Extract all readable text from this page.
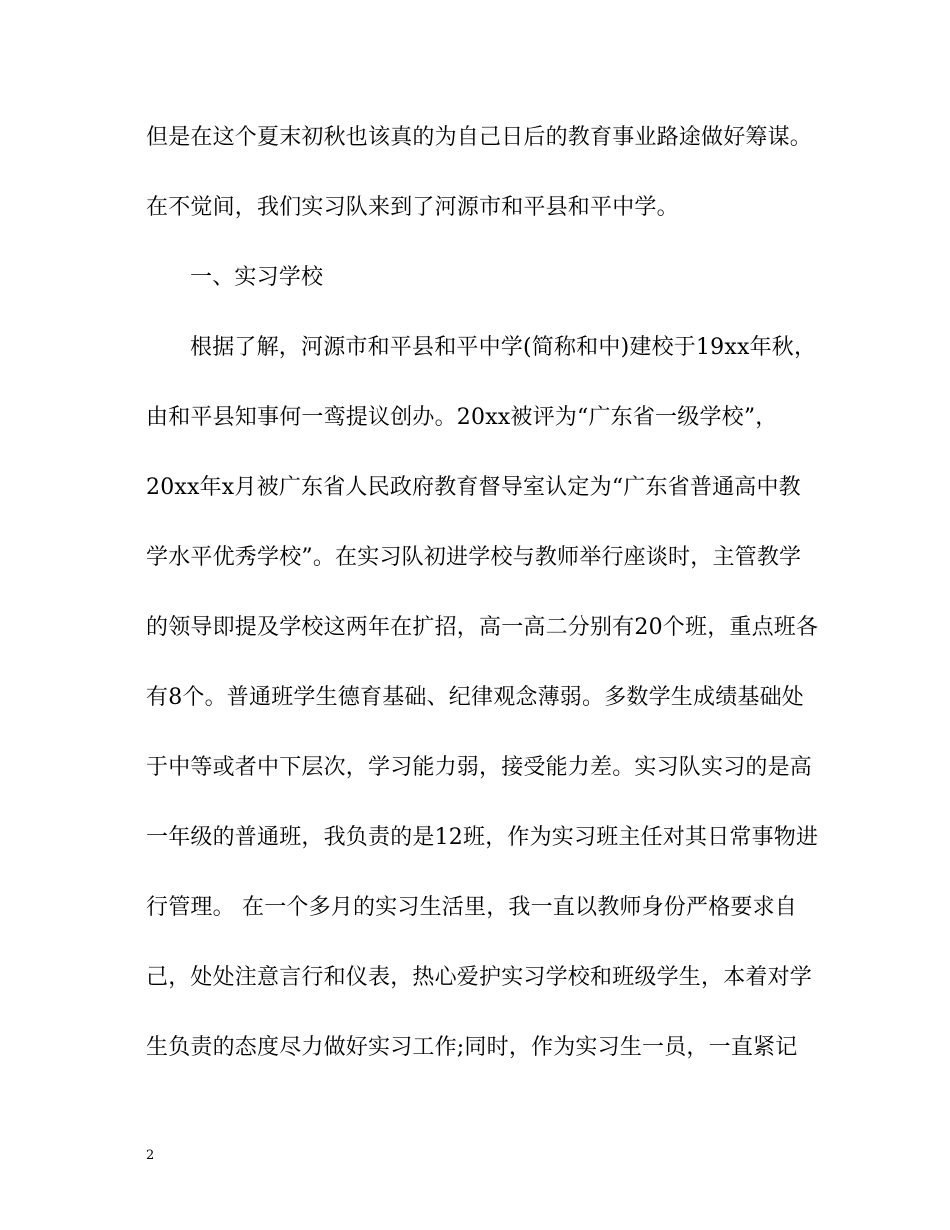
但是在这个夏末初秋也该真的为自己日后的教育事业路途做好筹谋。
在不觉间，我们实习队来到了河源市和平县和平中学。
一、实习学校
根据了解，河源市和平县和平中学(简称和中)建校于19xx年秋，
由和平县知事何一鸾提议创办。20xx被评为“广东省一级学校”，
20xx年x月被广东省人民政府教育督导室认定为“广东省普通高中教
学水平优秀学校”。在实习队初进学校与教师举行座谈时，主管教学
的领导即提及学校这两年在扩招，高一高二分别有20个班，重点班各
有8个。普通班学生德育基础、纪律观念薄弱。多数学生成绩基础处
于中等或者中下层次，学习能力弱，接受能力差。实习队实习的是高
一年级的普通班，我负责的是12班，作为实习班主任对其日常事物进
行管理。 在一个多月的实习生活里，我一直以教师身份严格要求自
己，处处注意言行和仪表，热心爱护实习学校和班级学生，本着对学
生负责的态度尽力做好实习工作;同时，作为实习生一员，一直紧记
2
